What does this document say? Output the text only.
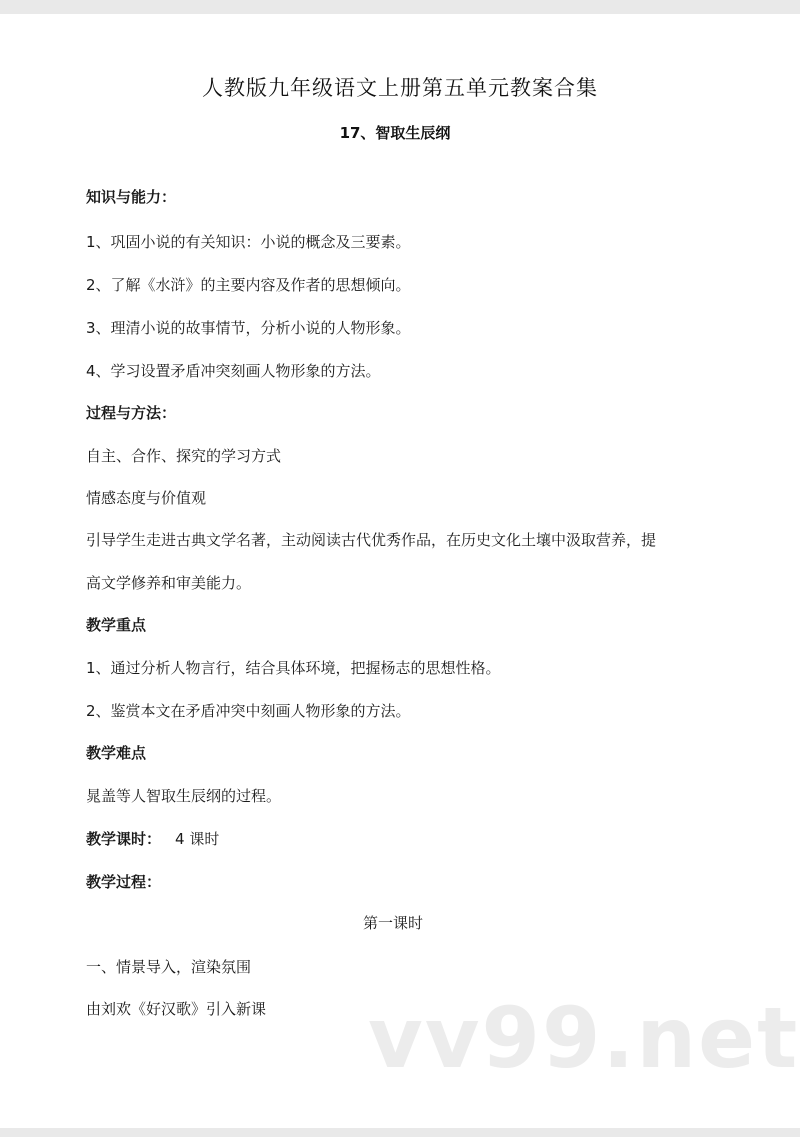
人教版九年级语文上册第五单元教案合集
17、智取生辰纲
知识与能力：
1、巩固小说的有关知识：小说的概念及三要素。
2、了解《水浒》的主要内容及作者的思想倾向。
3、理清小说的故事情节，分析小说的人物形象。
4、学习设置矛盾冲突刻画人物形象的方法。
过程与方法：
自主、合作、探究的学习方式
情感态度与价值观
引导学生走进古典文学名著，主动阅读古代优秀作品，在历史文化土壤中汲取营养，提
高文学修养和审美能力。
教学重点
1、通过分析人物言行，结合具体环境，把握杨志的思想性格。
2、鉴赏本文在矛盾冲突中刻画人物形象的方法。
教学难点
晁盖等人智取生辰纲的过程。
教学课时： 4 课时
教学过程：
第一课时
一、情景导入，渲染氛围
由刘欢《好汉歌》引入新课 vv99.net
